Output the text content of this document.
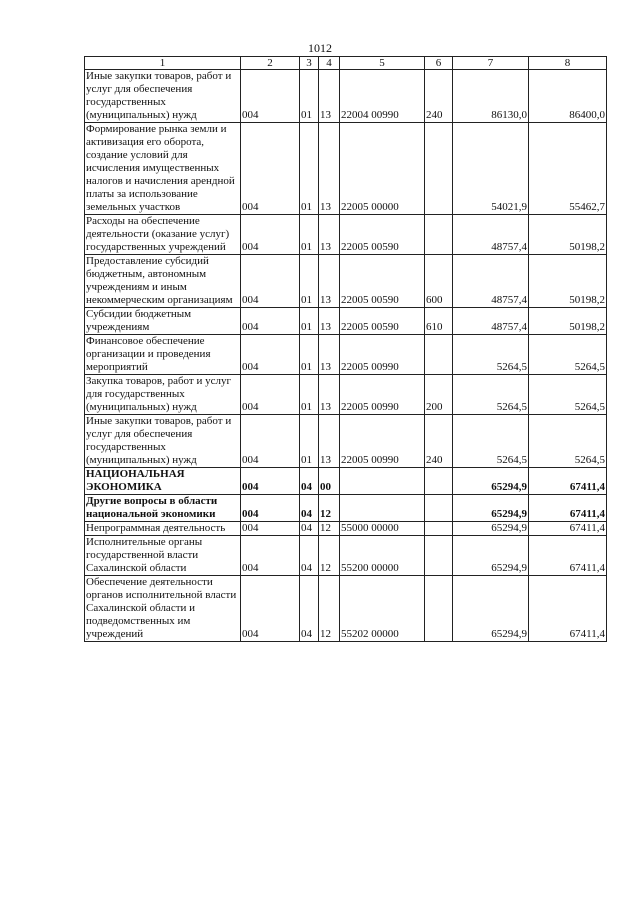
1012
1	2	3	4	5	6	7	8
Иные закупки товаров, работ и услуг для обеспечения государственных (муниципальных) нужд	004	01	13	22004 00990	240	86130,0	86400,0
Формирование рынка земли и активизация его оборота, создание условий для исчисления имущественных налогов и начисления арендной платы за использование земельных участков	004	01	13	22005 00000		54021,9	55462,7
Расходы на обеспечение деятельности (оказание услуг) государственных учреждений	004	01	13	22005 00590		48757,4	50198,2
Предоставление субсидий бюджетным, автономным учреждениям и иным некоммерческим организациям	004	01	13	22005 00590	600	48757,4	50198,2
Субсидии бюджетным учреждениям	004	01	13	22005 00590	610	48757,4	50198,2
Финансовое обеспечение организации и проведения мероприятий	004	01	13	22005 00990		5264,5	5264,5
Закупка товаров, работ и услуг для государственных (муниципальных) нужд	004	01	13	22005 00990	200	5264,5	5264,5
Иные закупки товаров, работ и услуг для обеспечения государственных (муниципальных) нужд	004	01	13	22005 00990	240	5264,5	5264,5
НАЦИОНАЛЬНАЯ ЭКОНОМИКА	004	04	00			65294,9	67411,4
Другие вопросы в области национальной экономики	004	04	12			65294,9	67411,4
Непрограммная деятельность	004	04	12	55000 00000		65294,9	67411,4
Исполнительные органы государственной власти Сахалинской области	004	04	12	55200 00000		65294,9	67411,4
Обеспечение деятельности органов исполнительной власти Сахалинской области и подведомственных им учреждений	004	04	12	55202 00000		65294,9	67411,4
